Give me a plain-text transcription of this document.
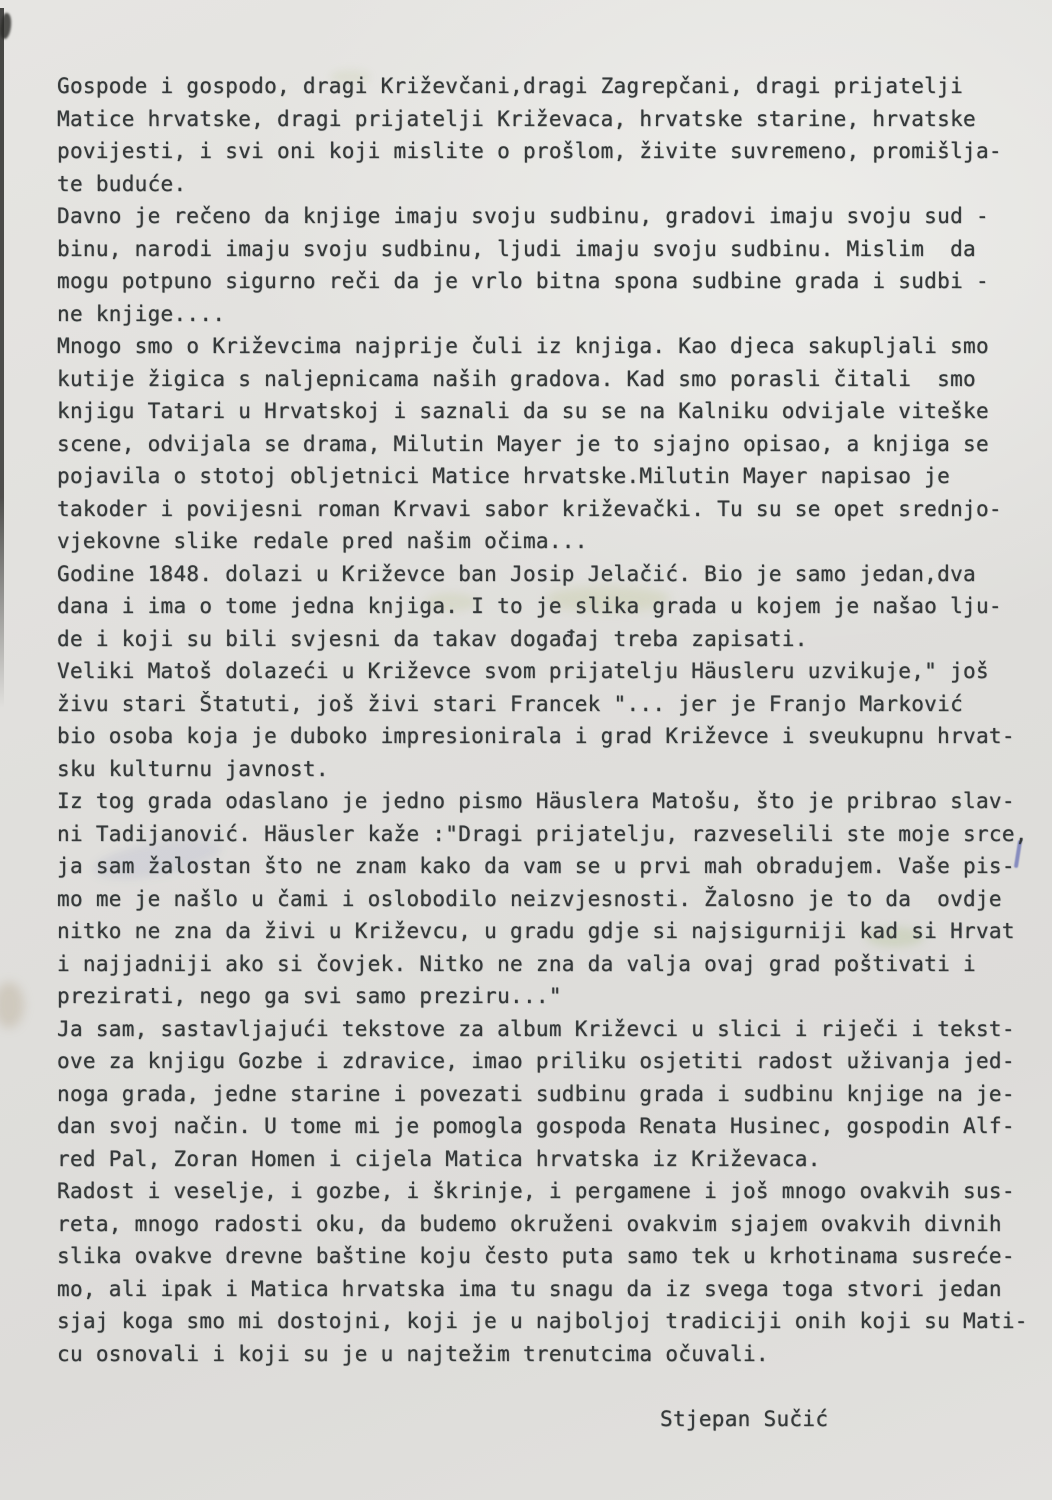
Gospode i gospodo, dragi Križevčani,dragi Zagrepčani, dragi prijatelji
Matice hrvatske, dragi prijatelji Križevaca, hrvatske starine, hrvatske
povijesti, i svi oni koji mislite o prošlom, živite suvremeno, promišlja-
te buduće.
Davno je rečeno da knjige imaju svoju sudbinu, gradovi imaju svoju sud -
binu, narodi imaju svoju sudbinu, ljudi imaju svoju sudbinu. Mislim  da
mogu potpuno sigurno reči da je vrlo bitna spona sudbine grada i sudbi -
ne knjige....
Mnogo smo o Križevcima najprije čuli iz knjiga. Kao djeca sakupljali smo
kutije žigica s naljepnicama naših gradova. Kad smo porasli čitali  smo
knjigu Tatari u Hrvatskoj i saznali da su se na Kalniku odvijale viteške
scene, odvijala se drama, Milutin Mayer je to sjajno opisao, a knjiga se
pojavila o stotoj obljetnici Matice hrvatske.Milutin Mayer napisao je
takoder i povijesni roman Krvavi sabor križevački. Tu su se opet srednjo-
vjekovne slike redale pred našim očima...
Godine 1848. dolazi u Križevce ban Josip Jelačić. Bio je samo jedan,dva
dana i ima o tome jedna knjiga. I to je slika grada u kojem je našao lju-
de i koji su bili svjesni da takav događaj treba zapisati.
Veliki Matoš dolazeći u Križevce svom prijatelju Häusleru uzvikuje," još
živu stari Štatuti, još živi stari Francek "... jer je Franjo Marković
bio osoba koja je duboko impresionirala i grad Križevce i sveukupnu hrvat-
sku kulturnu javnost.
Iz tog grada odaslano je jedno pismo Häuslera Matošu, što je pribrao slav-
ni Tadijanović. Häusler kaže :"Dragi prijatelju, razveselili ste moje srce,
ja sam žalostan što ne znam kako da vam se u prvi mah obradujem. Vaše pis-
mo me je našlo u čami i oslobodilo neizvjesnosti. Žalosno je to da  ovdje
nitko ne zna da živi u Križevcu, u gradu gdje si najsigurniji kad si Hrvat
i najjadniji ako si čovjek. Nitko ne zna da valja ovaj grad poštivati i
prezirati, nego ga svi samo preziru..."
Ja sam, sastavljajući tekstove za album Križevci u slici i riječi i tekst-
ove za knjigu Gozbe i zdravice, imao priliku osjetiti radost uživanja jed-
noga grada, jedne starine i povezati sudbinu grada i sudbinu knjige na je-
dan svoj način. U tome mi je pomogla gospoda Renata Husinec, gospodin Alf-
red Pal, Zoran Homen i cijela Matica hrvatska iz Križevaca.
Radost i veselje, i gozbe, i škrinje, i pergamene i još mnogo ovakvih sus-
reta, mnogo radosti oku, da budemo okruženi ovakvim sjajem ovakvih divnih
slika ovakve drevne baštine koju često puta samo tek u krhotinama susreće-
mo, ali ipak i Matica hrvatska ima tu snagu da iz svega toga stvori jedan
sjaj koga smo mi dostojni, koji je u najboljoj tradiciji onih koji su Mati-
cu osnovali i koji su je u najtežim trenutcima očuvali.
Stjepan Sučić
